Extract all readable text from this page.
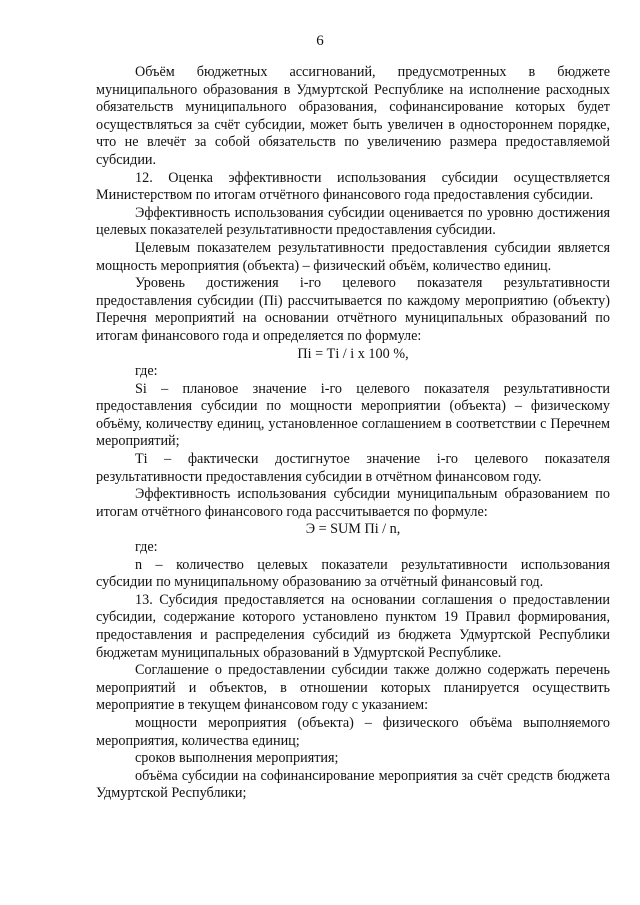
6

Объём бюджетных ассигнований, предусмотренных в бюджете муниципального образования в Удмуртской Республике на исполнение расходных обязательств муниципального образования, софинансирование которых будет осуществляться за счёт субсидии, может быть увеличен в одностороннем порядке, что не влечёт за собой обязательств по увеличению размера предоставляемой субсидии.

12. Оценка эффективности использования субсидии осуществляется Министерством по итогам отчётного финансового года предоставления субсидии.

Эффективность использования субсидии оценивается по уровню достижения целевых показателей результативности предоставления субсидии.

Целевым показателем результативности предоставления субсидии является мощность мероприятия (объекта) – физический объём, количество единиц.

Уровень достижения i-го целевого показателя результативности предоставления субсидии (Пi) рассчитывается по каждому мероприятию (объекту) Перечня мероприятий на основании отчётного муниципальных образований по итогам финансового года и определяется по формуле:

Пi = Тi / i х 100 %,

где:

Si – плановое значение i-го целевого показателя результативности предоставления субсидии по мощности мероприятии (объекта) – физическому объёму, количеству единиц, установленное соглашением в соответствии с Перечнем мероприятий;

Тi – фактически достигнутое значение i-го целевого показателя результативности предоставления субсидии в отчётном финансовом году.

Эффективность использования субсидии муниципальным образованием по итогам отчётного финансового года рассчитывается по формуле:

Э = SUM Пi / n,

где:

n – количество целевых показатели результативности использования субсидии по муниципальному образованию за отчётный финансовый год.

13. Субсидия предоставляется на основании соглашения о предоставлении субсидии, содержание которого установлено пунктом 19 Правил формирования, предоставления и распределения субсидий из бюджета Удмуртской Республики бюджетам муниципальных образований в Удмуртской Республике.

Соглашение о предоставлении субсидии также должно содержать перечень мероприятий и объектов, в отношении которых планируется осуществить мероприятие в текущем финансовом году с указанием:

мощности мероприятия (объекта) – физического объёма выполняемого мероприятия, количества единиц;

сроков выполнения мероприятия;

объёма субсидии на софинансирование мероприятия за счёт средств бюджета Удмуртской Республики;
